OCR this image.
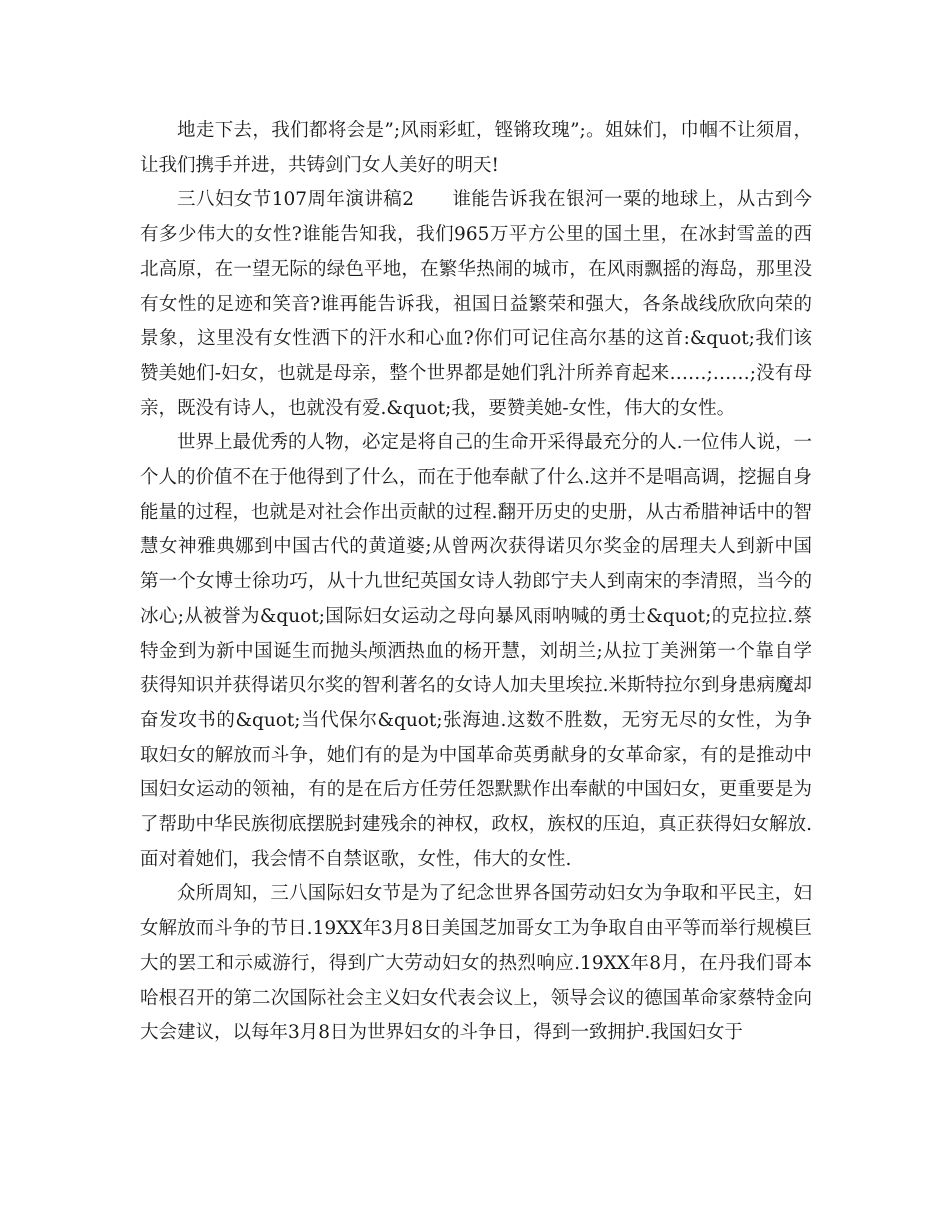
地走下去，我们都将会是”;风雨彩虹，铿锵玫瑰”;。姐妹们，巾帼不让须眉，让我们携手并进，共铸剑门女人美好的明天!

三八妇女节107周年演讲稿2 谁能告诉我在银河一粟的地球上，从古到今有多少伟大的女性?谁能告知我，我们965万平方公里的国土里，在冰封雪盖的西北高原，在一望无际的绿色平地，在繁华热闹的城市，在风雨飘摇的海岛，那里没有女性的足迹和笑音?谁再能告诉我，祖国日益繁荣和强大，各条战线欣欣向荣的景象，这里没有女性洒下的汗水和心血?你们可记住高尔基的这首:&quot;我们该赞美她们-妇女，也就是母亲，整个世界都是她们乳汁所养育起来……;……;没有母亲，既没有诗人，也就没有爱.&quot;我，要赞美她-女性，伟大的女性。

世界上最优秀的人物，必定是将自己的生命开采得最充分的人.一位伟人说，一个人的价值不在于他得到了什么，而在于他奉献了什么.这并不是唱高调，挖掘自身能量的过程，也就是对社会作出贡献的过程.翻开历史的史册，从古希腊神话中的智慧女神雅典娜到中国古代的黄道婆;从曾两次获得诺贝尔奖金的居理夫人到新中国第一个女博士徐功巧，从十九世纪英国女诗人勃郎宁夫人到南宋的李清照，当今的冰心;从被誉为&quot;国际妇女运动之母向暴风雨呐喊的勇士&quot;的克拉拉.蔡特金到为新中国诞生而抛头颅洒热血的杨开慧，刘胡兰;从拉丁美洲第一个靠自学获得知识并获得诺贝尔奖的智利著名的女诗人加夫里埃拉.米斯特拉尔到身患病魔却奋发攻书的&quot;当代保尔&quot;张海迪.这数不胜数，无穷无尽的女性，为争取妇女的解放而斗争，她们有的是为中国革命英勇献身的女革命家，有的是推动中国妇女运动的领袖，有的是在后方任劳任怨默默作出奉献的中国妇女，更重要是为了帮助中华民族彻底摆脱封建残余的神权，政权，族权的压迫，真正获得妇女解放.面对着她们，我会情不自禁讴歌，女性，伟大的女性.

众所周知，三八国际妇女节是为了纪念世界各国劳动妇女为争取和平民主，妇女解放而斗争的节日.19XX年3月8日美国芝加哥女工为争取自由平等而举行规模巨大的罢工和示威游行，得到广大劳动妇女的热烈响应.19XX年8月，在丹我们哥本哈根召开的第二次国际社会主义妇女代表会议上，领导会议的德国革命家蔡特金向大会建议，以每年3月8日为世界妇女的斗争日，得到一致拥护.我国妇女于
